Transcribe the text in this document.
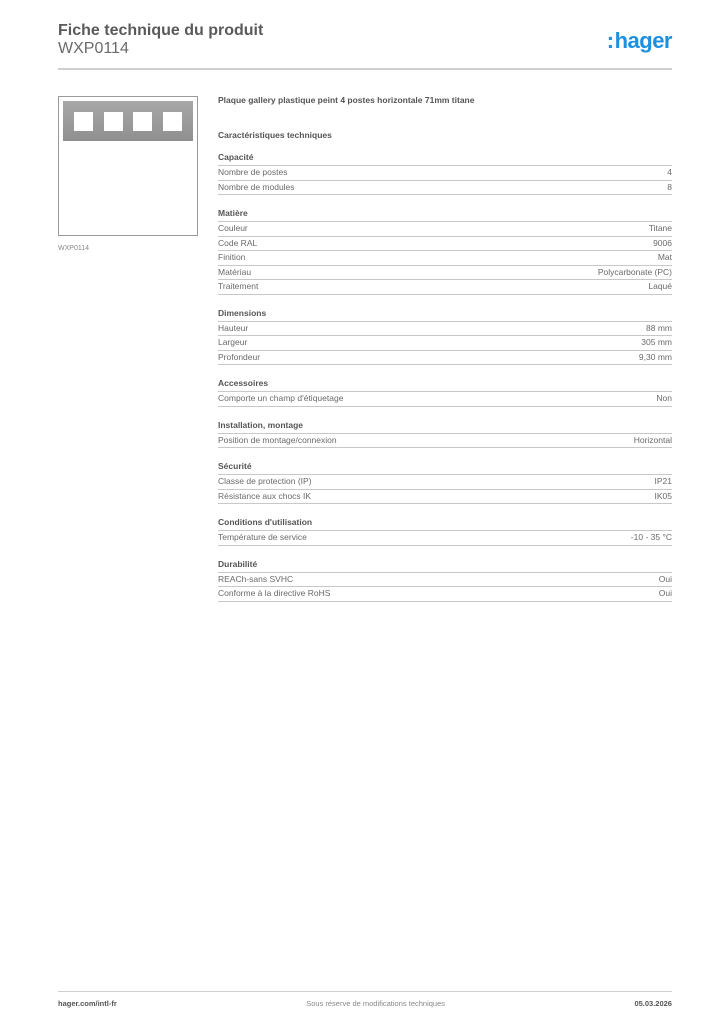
Fiche technique du produit
WXP0114	:hager
WXP0114
Plaque gallery plastique peint 4 postes horizontale 71mm titane
Caractéristiques techniques
Capacité
Nombre de postes	4
Nombre de modules	8
Matière
Couleur	Titane
Code RAL	9006
Finition	Mat
Matériau	Polycarbonate (PC)
Traitement	Laqué
Dimensions
Hauteur	88 mm
Largeur	305 mm
Profondeur	9,30 mm
Accessoires
Comporte un champ d'étiquetage	Non
Installation, montage
Position de montage/connexion	Horizontal
Sécurité
Classe de protection (IP)	IP21
Résistance aux chocs IK	IK05
Conditions d'utilisation
Température de service	-10 - 35 °C
Durabilité
REACh-sans SVHC	Oui
Conforme à la directive RoHS	Oui
hager.com/intl-fr	Sous réserve de modifications techniques	05.03.2026
